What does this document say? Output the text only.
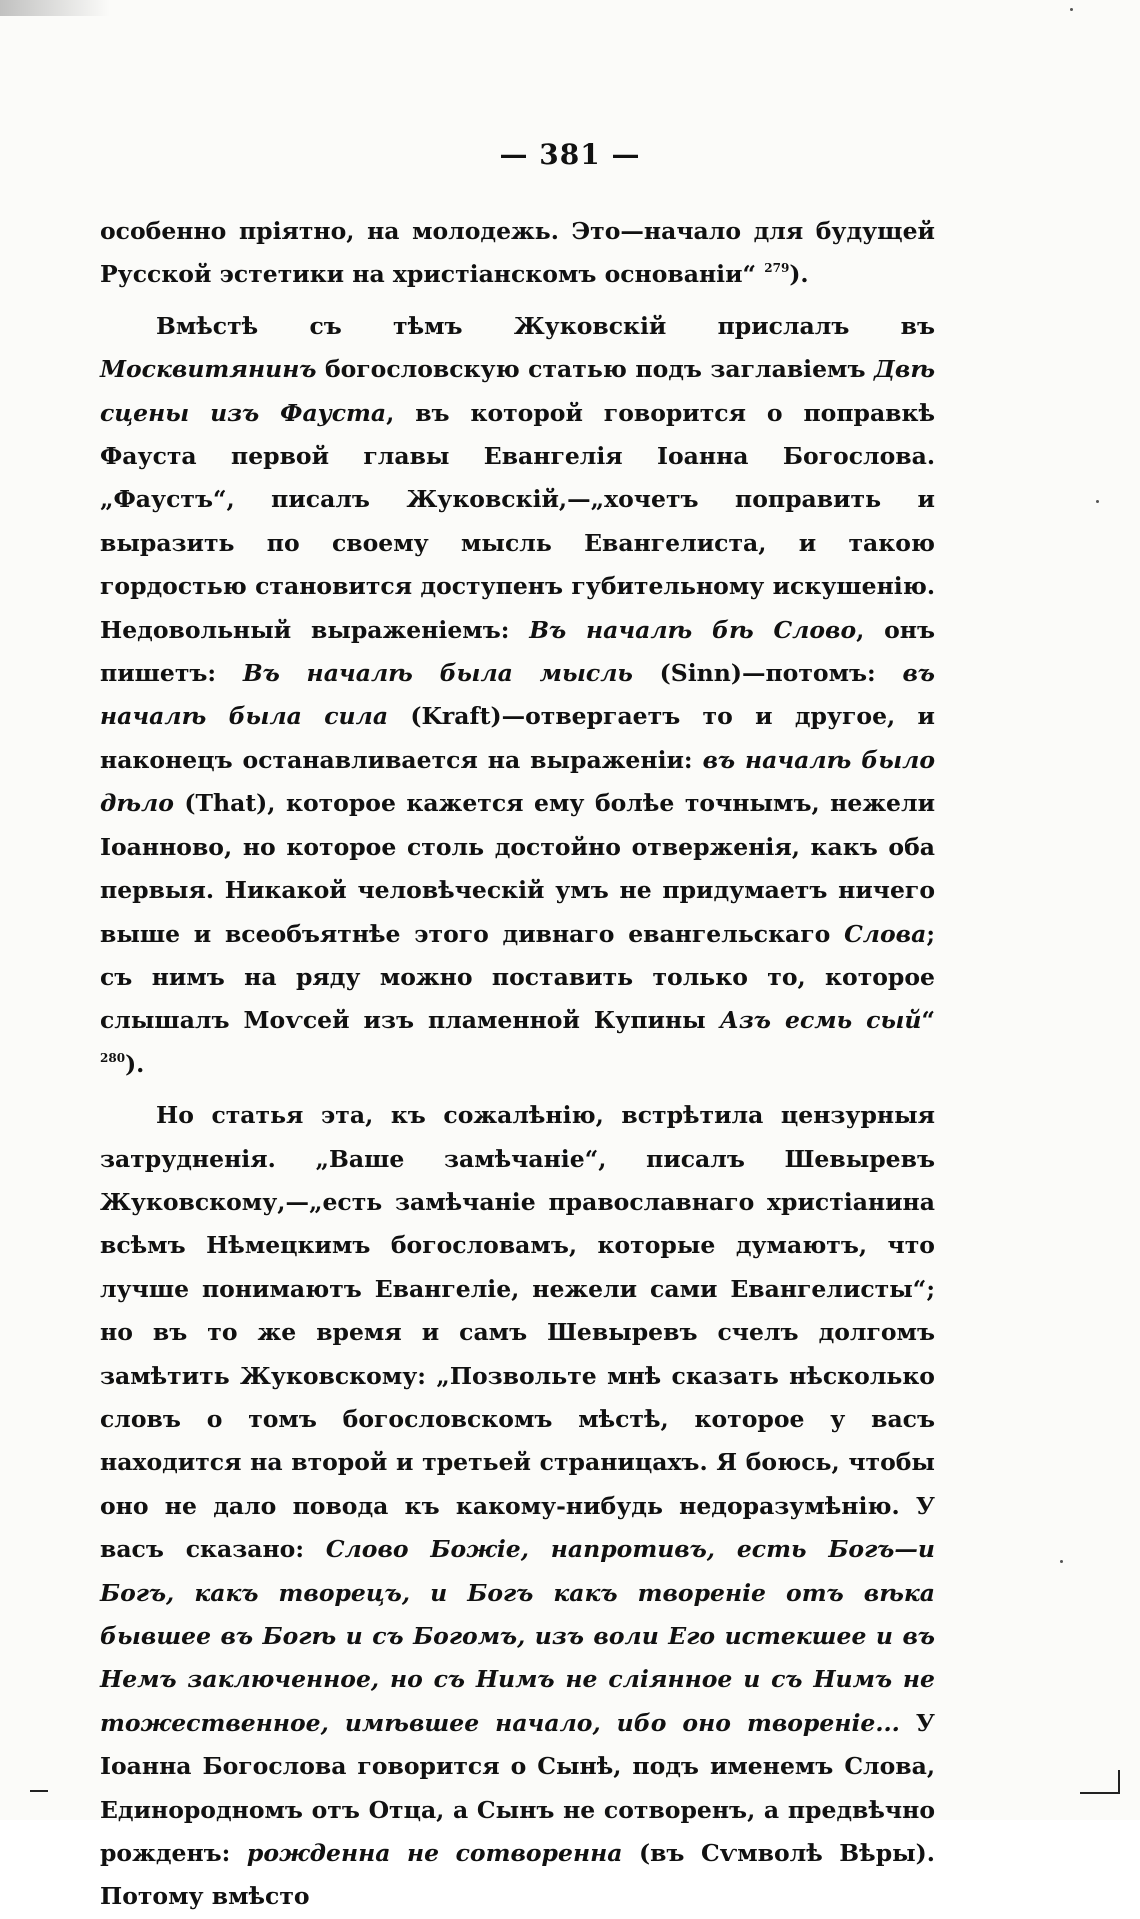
— 381 —

особенно пріятно, на молодежь. Это—начало для будущей Русской эстетики на христіанскомъ основаніи“ $^{279}$).

Вмѣстѣ съ тѣмъ Жуковскій прислалъ въ Москвитянинъ богословскую статью подъ заглавіемъ Двѣ сцены изъ Фауста, въ которой говорится о поправкѣ Фауста первой главы Евангелія Іоанна Богослова. „Фаустъ“, писалъ Жуковскій,—„хочетъ поправить и выразить по своему мысль Евангелиста, и такою гордостью становится доступенъ губительному искушенію. Недовольный выраженіемъ: Въ началѣ бѣ Слово, онъ пишетъ: Въ началѣ была мысль (Sinn)—потомъ: въ началѣ была сила (Kraft)—отвергаетъ то и другое, и наконецъ останавливается на выраженіи: въ началѣ было дѣло (That), которое кажется ему болѣе точнымъ, нежели Іоанново, но которое столь достойно отверженія, какъ оба первыя. Никакой человѣческій умъ не придумаетъ ничего выше и всеобъятнѣе этого дивнаго евангельскаго Слова; съ нимъ на ряду можно поставить только то, которое слышалъ Моѵсей изъ пламенной Купины Азъ есмь сый“ $^{280}$).

Но статья эта, къ сожалѣнію, встрѣтила цензурныя затрудненія. „Ваше замѣчаніе“, писалъ Шевыревъ Жуковскому,—„есть замѣчаніе православнаго христіанина всѣмъ Нѣмецкимъ богословамъ, которые думаютъ, что лучше понимаютъ Евангеліе, нежели сами Евангелисты“; но въ то же время и самъ Шевыревъ счелъ долгомъ замѣтить Жуковскому: „Позвольте мнѣ сказать нѣсколько словъ о томъ богословскомъ мѣстѣ, которое у васъ находится на второй и третьей страницахъ. Я боюсь, чтобы оно не дало повода къ какому-нибудь недоразумѣнію. У васъ сказано: Слово Божіе, напротивъ, есть Богъ—и Богъ, какъ творецъ, и Богъ какъ твореніе отъ вѣка бывшее въ Богѣ и съ Богомъ, изъ воли Его истекшее и въ Немъ заключенное, но съ Нимъ не сліянное и съ Нимъ не тожественное, имѣвшее начало, ибо оно твореніе... У Іоанна Богослова говорится о Сынѣ, подъ именемъ Слова, Единородномъ отъ Отца, а Сынъ не сотворенъ, а предвѣчно рожденъ: рожденна не сотворенна (въ Сѵмволѣ Вѣры). Потому вмѣсто
